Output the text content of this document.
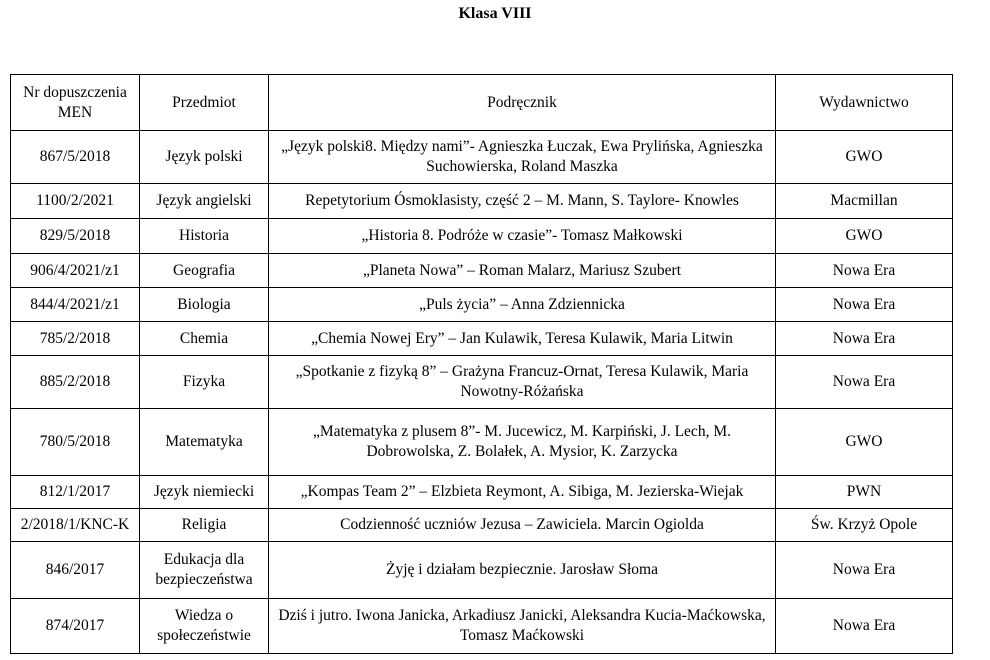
Klasa VIII
Nr dopuszczenia MEN	Przedmiot	Podręcznik	Wydawnictwo
867/5/2018	Język polski	„Język polski8. Między nami”- Agnieszka Łuczak, Ewa Prylińska, Agnieszka Suchowierska, Roland Maszka	GWO
1100/2/2021	Język angielski	Repetytorium Ósmoklasisty, część 2 – M. Mann, S. Taylore- Knowles	Macmillan
829/5/2018	Historia	„Historia 8. Podróże w czasie”- Tomasz Małkowski	GWO
906/4/2021/z1	Geografia	„Planeta Nowa” – Roman Malarz, Mariusz Szubert	Nowa Era
844/4/2021/z1	Biologia	„Puls życia” – Anna Zdziennicka	Nowa Era
785/2/2018	Chemia	„Chemia Nowej Ery” – Jan Kulawik, Teresa Kulawik, Maria Litwin	Nowa Era
885/2/2018	Fizyka	„Spotkanie z fizyką 8” – Grażyna Francuz-Ornat, Teresa Kulawik, Maria Nowotny-Różańska	Nowa Era
780/5/2018	Matematyka	„Matematyka z plusem 8”- M. Jucewicz, M. Karpiński, J. Lech, M. Dobrowolska, Z. Bolałek, A. Mysior, K. Zarzycka	GWO
812/1/2017	Język niemiecki	„Kompas Team 2” – Elzbieta Reymont, A. Sibiga, M. Jezierska-Wiejak	PWN
2/2018/1/KNC-K	Religia	Codzienność uczniów Jezusa – Zawiciela. Marcin Ogiolda	Św. Krzyż Opole
846/2017	Edukacja dla bezpieczeństwa	Żyję i działam bezpiecznie. Jarosław Słoma	Nowa Era
874/2017	Wiedza o społeczeństwie	Dziś i jutro. Iwona Janicka, Arkadiusz Janicki, Aleksandra Kucia-Maćkowska, Tomasz Maćkowski	Nowa Era
